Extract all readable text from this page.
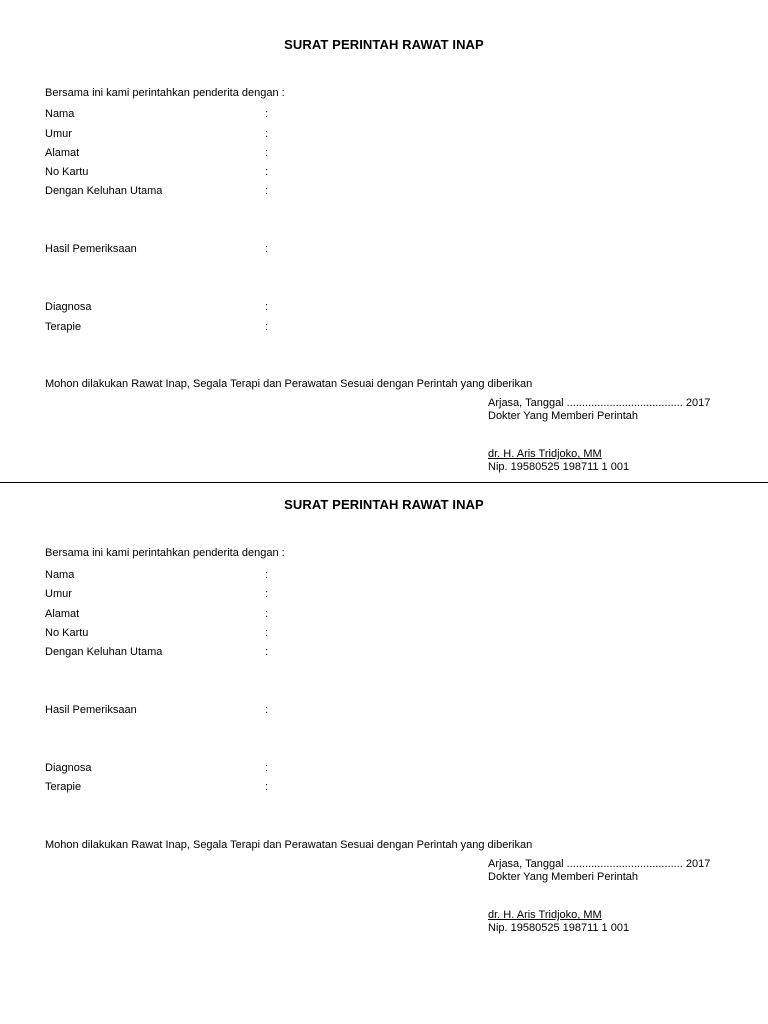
SURAT PERINTAH RAWAT INAP
Bersama ini kami perintahkan penderita dengan :
Nama	:
Umur	:
Alamat	:
No Kartu	:
Dengan Keluhan Utama	:
Hasil Pemeriksaan	:
Diagnosa	:
Terapie	:
Mohon dilakukan Rawat Inap, Segala Terapi dan Perawatan Sesuai dengan Perintah yang diberikan
Arjasa, Tanggal ...................................... 2017
Dokter Yang Memberi Perintah
dr. H. Aris Tridjoko, MM
Nip. 19580525 198711 1 001
SURAT PERINTAH RAWAT INAP
Bersama ini kami perintahkan penderita dengan :
Nama	:
Umur	:
Alamat	:
No Kartu	:
Dengan Keluhan Utama	:
Hasil Pemeriksaan	:
Diagnosa	:
Terapie	:
Mohon dilakukan Rawat Inap, Segala Terapi dan Perawatan Sesuai dengan Perintah yang diberikan
Arjasa, Tanggal ...................................... 2017
Dokter Yang Memberi Perintah
dr. H. Aris Tridjoko, MM
Nip. 19580525 198711 1 001
